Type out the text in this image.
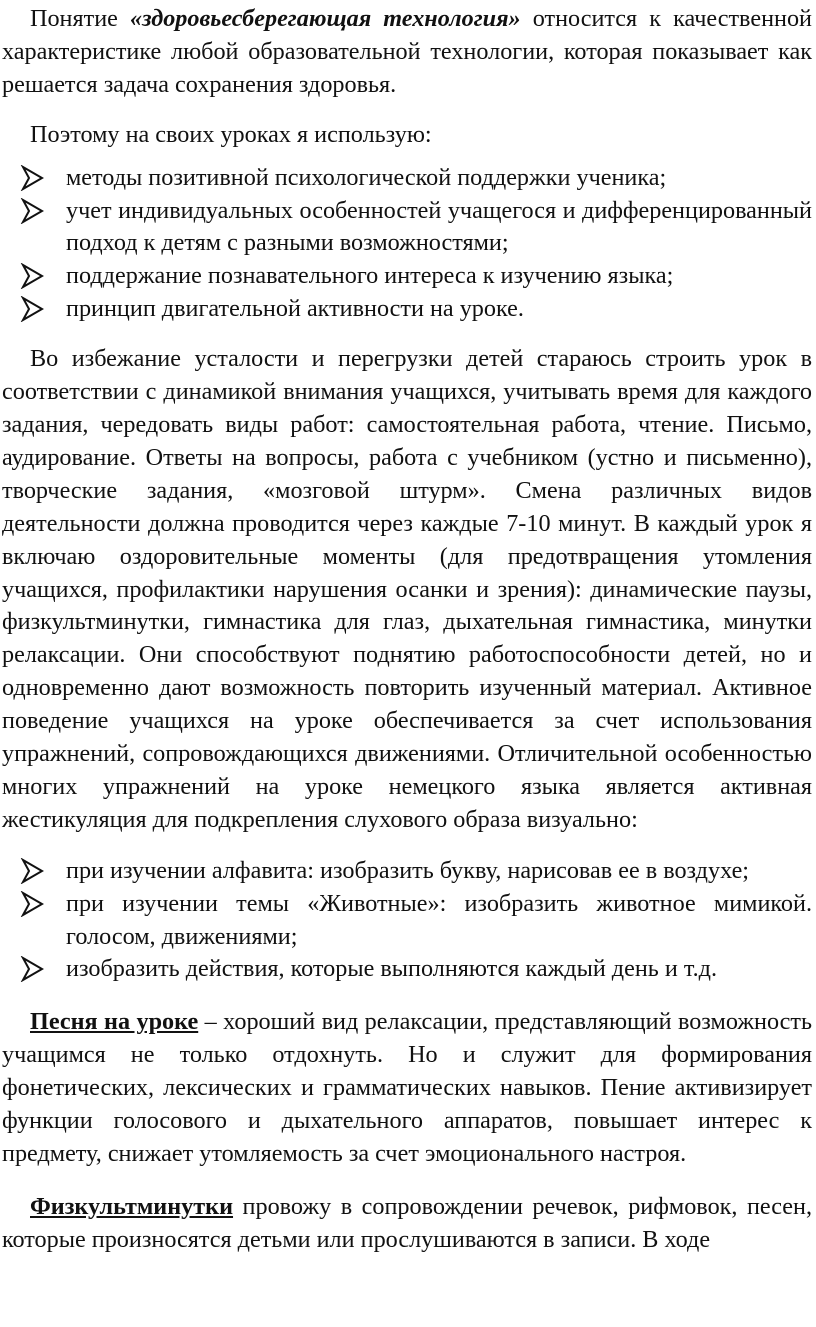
Понятие «здоровьесберегающая технология» относится к качественной характеристике любой образовательной технологии, которая показывает как решается задача сохранения здоровья.

Поэтому на своих уроках я использую:

методы позитивной психологической поддержки ученика;
учет индивидуальных особенностей учащегося и дифференцированный подход к детям с разными возможностями;
поддержание познавательного интереса к изучению языка;
принцип двигательной активности на уроке.

Во избежание усталости и перегрузки детей стараюсь строить урок в соответствии с динамикой внимания учащихся, учитывать время для каждого задания, чередовать виды работ: самостоятельная работа, чтение. Письмо, аудирование. Ответы на вопросы, работа с учебником (устно и письменно), творческие задания, «мозговой штурм». Смена различных видов деятельности должна проводится через каждые 7-10 минут. В каждый урок я включаю оздоровительные моменты (для предотвращения утомления учащихся, профилактики нарушения осанки и зрения): динамические паузы, физкультминутки, гимнастика для глаз, дыхательная гимнастика, минутки релаксации. Они способствуют поднятию работоспособности детей, но и одновременно дают возможность повторить изученный материал. Активное поведение учащихся на уроке обеспечивается за счет использования упражнений, сопровождающихся движениями. Отличительной особенностью многих упражнений на уроке немецкого языка является активная жестикуляция для подкрепления слухового образа визуально:

при изучении алфавита: изобразить букву, нарисовав ее в воздухе;
при изучении темы «Животные»: изобразить животное мимикой. голосом, движениями;
изобразить действия, которые выполняются каждый день и т.д.

Песня на уроке – хороший вид релаксации, представляющий возможность учащимся не только отдохнуть. Но и служит для формирования фонетических, лексических и грамматических навыков. Пение активизирует функции голосового и дыхательного аппаратов, повышает интерес к предмету, снижает утомляемость за счет эмоционального настроя.

Физкультминутки провожу в сопровождении речевок, рифмовок, песен, которые произносятся детьми или прослушиваются в записи. В ходе
